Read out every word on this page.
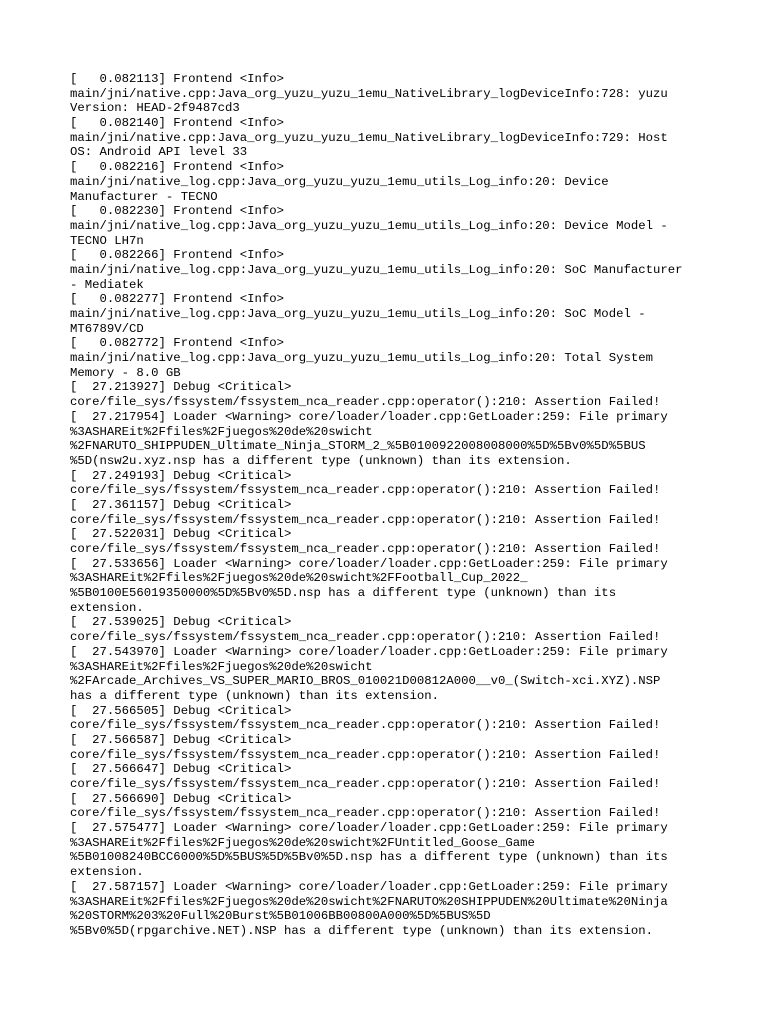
[   0.082113] Frontend <Info>
main/jni/native.cpp:Java_org_yuzu_yuzu_1emu_NativeLibrary_logDeviceInfo:728: yuzu
Version: HEAD-2f9487cd3
[   0.082140] Frontend <Info>
main/jni/native.cpp:Java_org_yuzu_yuzu_1emu_NativeLibrary_logDeviceInfo:729: Host
OS: Android API level 33
[   0.082216] Frontend <Info>
main/jni/native_log.cpp:Java_org_yuzu_yuzu_1emu_utils_Log_info:20: Device
Manufacturer - TECNO
[   0.082230] Frontend <Info>
main/jni/native_log.cpp:Java_org_yuzu_yuzu_1emu_utils_Log_info:20: Device Model -
TECNO LH7n
[   0.082266] Frontend <Info>
main/jni/native_log.cpp:Java_org_yuzu_yuzu_1emu_utils_Log_info:20: SoC Manufacturer
- Mediatek
[   0.082277] Frontend <Info>
main/jni/native_log.cpp:Java_org_yuzu_yuzu_1emu_utils_Log_info:20: SoC Model -
MT6789V/CD
[   0.082772] Frontend <Info>
main/jni/native_log.cpp:Java_org_yuzu_yuzu_1emu_utils_Log_info:20: Total System
Memory - 8.0 GB
[  27.213927] Debug <Critical>
core/file_sys/fssystem/fssystem_nca_reader.cpp:operator():210: Assertion Failed!
[  27.217954] Loader <Warning> core/loader/loader.cpp:GetLoader:259: File primary
%3ASHAREit%2Ffiles%2Fjuegos%20de%20swicht
%2FNARUTO_SHIPPUDEN_Ultimate_Ninja_STORM_2_%5B0100922008008000%5D%5Bv0%5D%5BUS
%5D(nsw2u.xyz.nsp has a different type (unknown) than its extension.
[  27.249193] Debug <Critical>
core/file_sys/fssystem/fssystem_nca_reader.cpp:operator():210: Assertion Failed!
[  27.361157] Debug <Critical>
core/file_sys/fssystem/fssystem_nca_reader.cpp:operator():210: Assertion Failed!
[  27.522031] Debug <Critical>
core/file_sys/fssystem/fssystem_nca_reader.cpp:operator():210: Assertion Failed!
[  27.533656] Loader <Warning> core/loader/loader.cpp:GetLoader:259: File primary
%3ASHAREit%2Ffiles%2Fjuegos%20de%20swicht%2FFootball_Cup_2022_
%5B0100E56019350000%5D%5Bv0%5D.nsp has a different type (unknown) than its
extension.
[  27.539025] Debug <Critical>
core/file_sys/fssystem/fssystem_nca_reader.cpp:operator():210: Assertion Failed!
[  27.543970] Loader <Warning> core/loader/loader.cpp:GetLoader:259: File primary
%3ASHAREit%2Ffiles%2Fjuegos%20de%20swicht
%2FArcade_Archives_VS_SUPER_MARIO_BROS_010021D00812A000__v0_(Switch-xci.XYZ).NSP
has a different type (unknown) than its extension.
[  27.566505] Debug <Critical>
core/file_sys/fssystem/fssystem_nca_reader.cpp:operator():210: Assertion Failed!
[  27.566587] Debug <Critical>
core/file_sys/fssystem/fssystem_nca_reader.cpp:operator():210: Assertion Failed!
[  27.566647] Debug <Critical>
core/file_sys/fssystem/fssystem_nca_reader.cpp:operator():210: Assertion Failed!
[  27.566690] Debug <Critical>
core/file_sys/fssystem/fssystem_nca_reader.cpp:operator():210: Assertion Failed!
[  27.575477] Loader <Warning> core/loader/loader.cpp:GetLoader:259: File primary
%3ASHAREit%2Ffiles%2Fjuegos%20de%20swicht%2FUntitled_Goose_Game
%5B01008240BCC6000%5D%5BUS%5D%5Bv0%5D.nsp has a different type (unknown) than its
extension.
[  27.587157] Loader <Warning> core/loader/loader.cpp:GetLoader:259: File primary
%3ASHAREit%2Ffiles%2Fjuegos%20de%20swicht%2FNARUTO%20SHIPPUDEN%20Ultimate%20Ninja
%20STORM%203%20Full%20Burst%5B01006BB00800A000%5D%5BUS%5D
%5Bv0%5D(rpgarchive.NET).NSP has a different type (unknown) than its extension.
